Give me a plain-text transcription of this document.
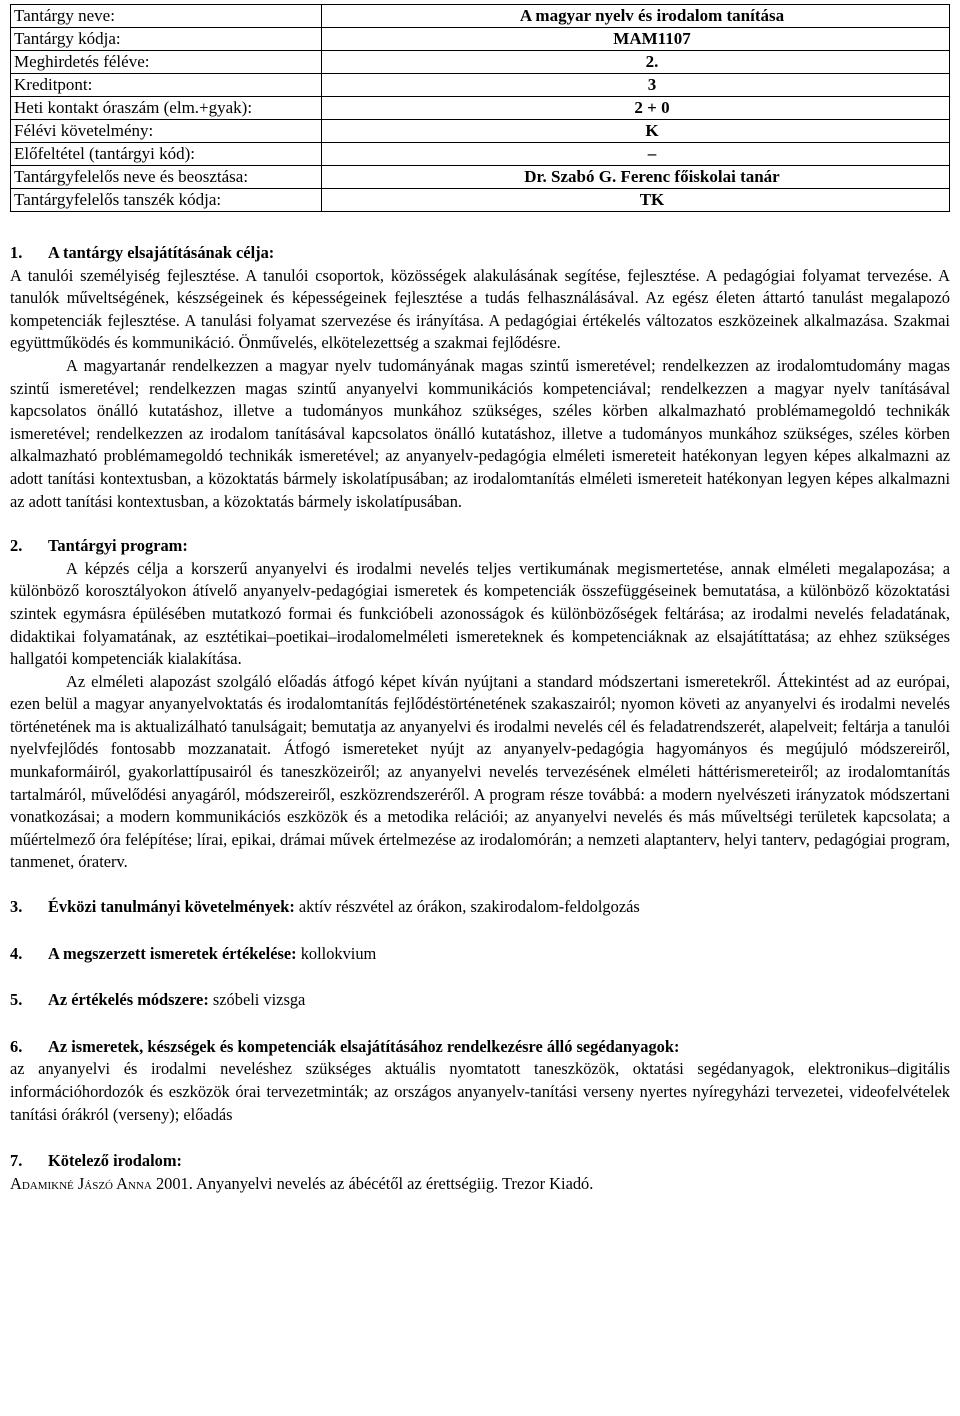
Tantárgy neve:	A magyar nyelv és irodalom tanítása
Tantárgy kódja:	MAM1107
Meghirdetés féléve:	2.
Kreditpont:	3
Heti kontakt óraszám (elm.+gyak):	2 + 0
Félévi követelmény:	K
Előfeltétel (tantárgyi kód):	–
Tantárgyfelelős neve és beosztása:	Dr. Szabó G. Ferenc főiskolai tanár
Tantárgyfelelős tanszék kódja:	TK
1. A tantárgy elsajátításának célja:

A tanulói személyiség fejlesztése. A tanulói csoportok, közösségek alakulásának segítése, fejlesztése. A pedagógiai folyamat tervezése. A tanulók műveltségének, készségeinek és képességeinek fejlesztése a tudás felhasználásával. Az egész életen áttartó tanulást megalapozó kompetenciák fejlesztése. A tanulási folyamat szervezése és irányítása. A pedagógiai értékelés változatos eszközeinek alkalmazása. Szakmai együttműködés és kommunikáció. Önművelés, elkötelezettség a szakmai fejlődésre.

A magyartanár rendelkezzen a magyar nyelv tudományának magas szintű ismeretével; rendelkezzen az irodalomtudomány magas szintű ismeretével; rendelkezzen magas szintű anyanyelvi kommunikációs kompetenciával; rendelkezzen a magyar nyelv tanításával kapcsolatos önálló kutatáshoz, illetve a tudományos munkához szükséges, széles körben alkalmazható problémamegoldó technikák ismeretével; rendelkezzen az irodalom tanításával kapcsolatos önálló kutatáshoz, illetve a tudományos munkához szükséges, széles körben alkalmazható problémamegoldó technikák ismeretével; az anyanyelv-pedagógia elméleti ismereteit hatékonyan legyen képes alkalmazni az adott tanítási kontextusban, a közoktatás bármely iskolatípusában; az irodalomtanítás elméleti ismereteit hatékonyan legyen képes alkalmazni az adott tanítási kontextusban, a közoktatás bármely iskolatípusában.

2. Tantárgyi program:

A képzés célja a korszerű anyanyelvi és irodalmi nevelés teljes vertikumának megismertetése, annak elméleti megalapozása; a különböző korosztályokon átívelő anyanyelv-pedagógiai ismeretek és kompetenciák összefüggéseinek bemutatása, a különböző közoktatási szintek egymásra épülésében mutatkozó formai és funkcióbeli azonosságok és különbözőségek feltárása; az irodalmi nevelés feladatának, didaktikai folyamatának, az esztétikai–poetikai–irodalomelméleti ismereteknek és kompetenciáknak az elsajátíttatása; az ehhez szükséges hallgatói kompetenciák kialakítása.

Az elméleti alapozást szolgáló előadás átfogó képet kíván nyújtani a standard módszertani ismeretekről. Áttekintést ad az európai, ezen belül a magyar anyanyelvoktatás és irodalomtanítás fejlődéstörténetének szakaszairól; nyomon követi az anyanyelvi és irodalmi nevelés történetének ma is aktualizálható tanulságait; bemutatja az anyanyelvi és irodalmi nevelés cél és feladatrendszerét, alapelveit; feltárja a tanulói nyelvfejlődés fontosabb mozzanatait. Átfogó ismereteket nyújt az anyanyelv-pedagógia hagyományos és megújuló módszereiről, munkaformáiról, gyakorlattípusairól és taneszközeiről; az anyanyelvi nevelés tervezésének elméleti háttérismereteiről; az irodalomtanítás tartalmáról, művelődési anyagáról, módszereiről, eszközrendszeréről. A program része továbbá: a modern nyelvészeti irányzatok módszertani vonatkozásai; a modern kommunikációs eszközök és a metodika relációi; az anyanyelvi nevelés és más műveltségi területek kapcsolata; a műértelmező óra felépítése; lírai, epikai, drámai művek értelmezése az irodalomórán; a nemzeti alaptanterv, helyi tanterv, pedagógiai program, tanmenet, óraterv.

3. Évközi tanulmányi követelmények: aktív részvétel az órákon, szakirodalom-feldolgozás
4. A megszerzett ismeretek értékelése: kollokvium
5. Az értékelés módszere: szóbeli vizsga
6. Az ismeretek, készségek és kompetenciák elsajátításához rendelkezésre álló segédanyagok:

az anyanyelvi és irodalmi neveléshez szükséges aktuális nyomtatott taneszközök, oktatási segédanyagok, elektronikus–digitális információhordozók és eszközök órai tervezetminták; az országos anyanyelv-tanítási verseny nyertes nyíregyházi tervezetei, videofelvételek tanítási órákról (verseny); előadás

7. Kötelező irodalom:

Adamikné Jászó Anna 2001. Anyanyelvi nevelés az ábécétől az érettségiig. Trezor Kiadó.
